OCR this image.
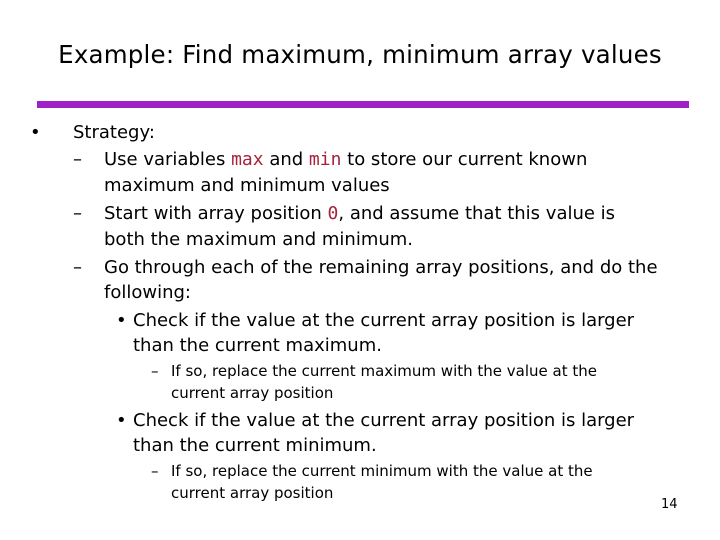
Example: Find maximum, minimum array values
• Strategy:
– Use variables max and min to store our current known
maximum and minimum values
– Start with array position 0, and assume that this value is
both the maximum and minimum.
– Go through each of the remaining array positions, and do the
following:
• Check if the value at the current array position is larger
than the current maximum.
– If so, replace the current maximum with the value at the
current array position
• Check if the value at the current array position is larger
than the current minimum.
– If so, replace the current minimum with the value at the
current array position
14
